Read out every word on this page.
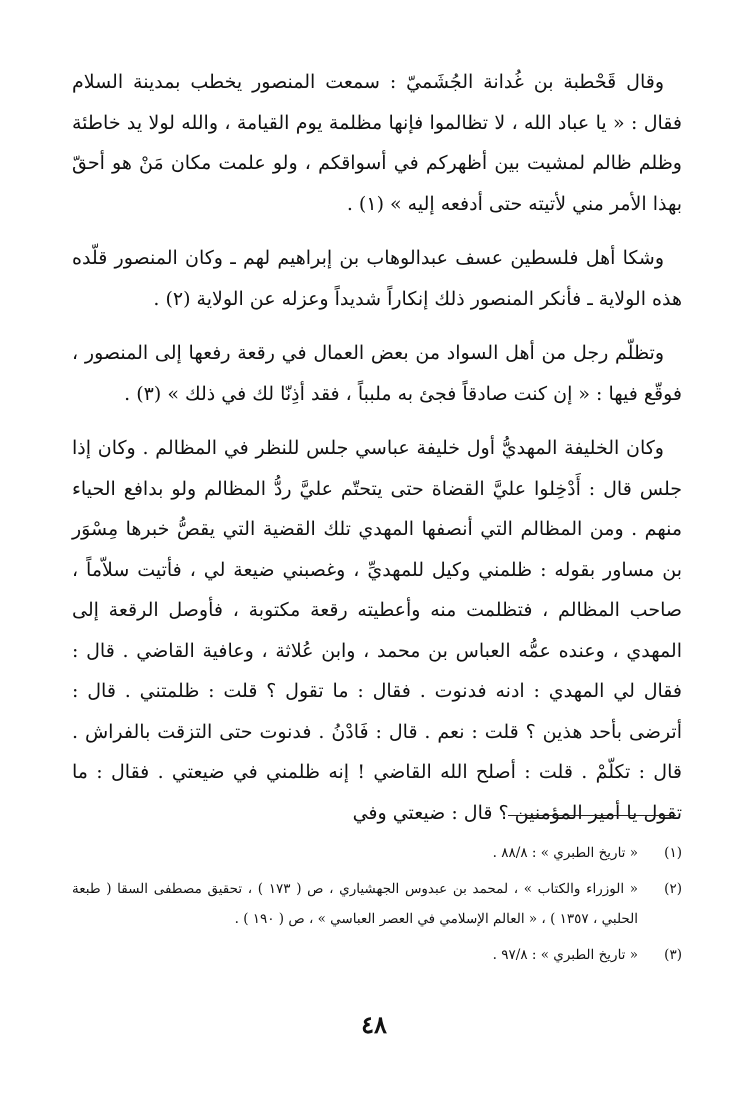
وقال قَحْطبة بن غُدانة الجُشَميّ : سمعت المنصور يخطب بمدينة السلام فقال : « يا عباد الله ، لا تظالموا فإنها مظلمة يوم القيامة ، والله لولا يد خاطئة وظلم ظالم لمشيت بين أظهركم في أسواقكم ، ولو علمت مكان مَنْ هو أحقّ بهذا الأمر مني لأتيته حتى أدفعه إليه » (١) .

وشكا أهل فلسطين عسف عبدالوهاب بن إبراهيم لهم ـ وكان المنصور قلّده هذه الولاية ـ فأنكر المنصور ذلك إنكاراً شديداً وعزله عن الولاية (٢) .

وتظلّم رجل من أهل السواد من بعض العمال في رقعة رفعها إلى المنصور ، فوقّع فيها : « إن كنت صادقاً فجئ به ملبباً ، فقد أذِنّا لك في ذلك » (٣) .

وكان الخليفة المهديُّ أول خليفة عباسي جلس للنظر في المظالم . وكان إذا جلس قال : أَدْخِلوا عليَّ القضاة حتى يتحتّم عليَّ ردُّ المظالم ولو بدافع الحياء منهم . ومن المظالم التي أنصفها المهدي تلك القضية التي يقصُّ خبرها مِسْوَر بن مساور بقوله : ظلمني وكيل للمهديِّ ، وغصبني ضيعة لي ، فأتيت سلاّماً ، صاحب المظالم ، فتظلمت منه وأعطيته رقعة مكتوبة ، فأوصل الرقعة إلى المهدي ، وعنده عمُّه العباس بن محمد ، وابن عُلاثة ، وعافية القاضي . قال : فقال لي المهدي : ادنه فدنوت . فقال : ما تقول ؟ قلت : ظلمتني . قال : أترضى بأحد هذين ؟ قلت : نعم . قال : فَادْنُ . فدنوت حتى التزقت بالفراش . قال : تكلّمْ . قلت : أصلح الله القاضي ! إنه ظلمني في ضيعتي . فقال : ما تقول يا أمير المؤمنين ؟ قال : ضيعتي وفي

(١)
« تاريخ الطبري » : ٨٨/٨ .
(٢)
« الوزراء والكتاب » ، لمحمد بن عبدوس الجهشياري ، ص ( ١٧٣ ) ، تحقيق مصطفى السقا ( طبعة الحلبي ، ١٣٥٧ ) ، « العالم الإسلامي في العصر العباسي » ، ص ( ١٩٠ ) .
(٣)
« تاريخ الطبري » : ٩٧/٨ .
٤٨
